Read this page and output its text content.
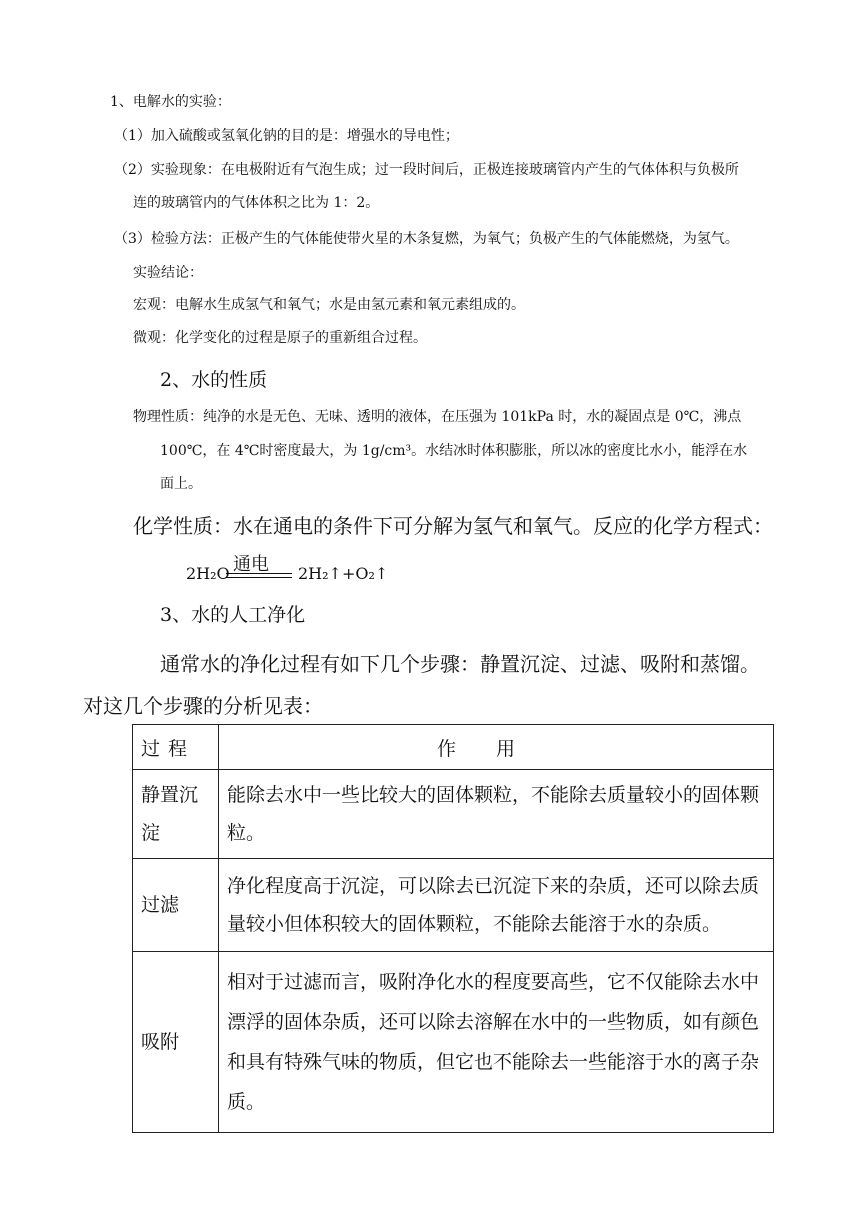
1、电解水的实验：
（1）加入硫酸或氢氧化钠的目的是：增强水的导电性；
（2）实验现象：在电极附近有气泡生成；过一段时间后，正极连接玻璃管内产生的气体体积与负极所
连的玻璃管内的气体体积之比为 1：2。
（3）检验方法：正极产生的气体能使带火星的木条复燃，为氧气；负极产生的气体能燃烧，为氢气。
实验结论：
宏观：电解水生成氢气和氧气；水是由氢元素和氧元素组成的。
微观：化学变化的过程是原子的重新组合过程。
2、水的性质
物理性质：纯净的水是无色、无味、透明的液体，在压强为 101kPa 时，水的凝固点是 0℃，沸点
100℃，在 4℃时密度最大，为 1g/cm³。水结冰时体积膨胀，所以冰的密度比水小，能浮在水
面上。
化学性质：水在通电的条件下可分解为氢气和氧气。反应的化学方程式：
2H₂O 通电 2H₂↑+O₂↑
3、水的人工净化
通常水的净化过程有如下几个步骤：静置沉淀、过滤、吸附和蒸馏。
对这几个步骤的分析见表：
过程	作用
静置沉淀	能除去水中一些比较大的固体颗粒，不能除去质量较小的固体颗粒。
过滤	净化程度高于沉淀，可以除去已沉淀下来的杂质，还可以除去质量较小但体积较大的固体颗粒，不能除去能溶于水的杂质。
吸附	相对于过滤而言，吸附净化水的程度要高些，它不仅能除去水中漂浮的固体杂质，还可以除去溶解在水中的一些物质，如有颜色和具有特殊气味的物质，但它也不能除去一些能溶于水的离子杂质。
